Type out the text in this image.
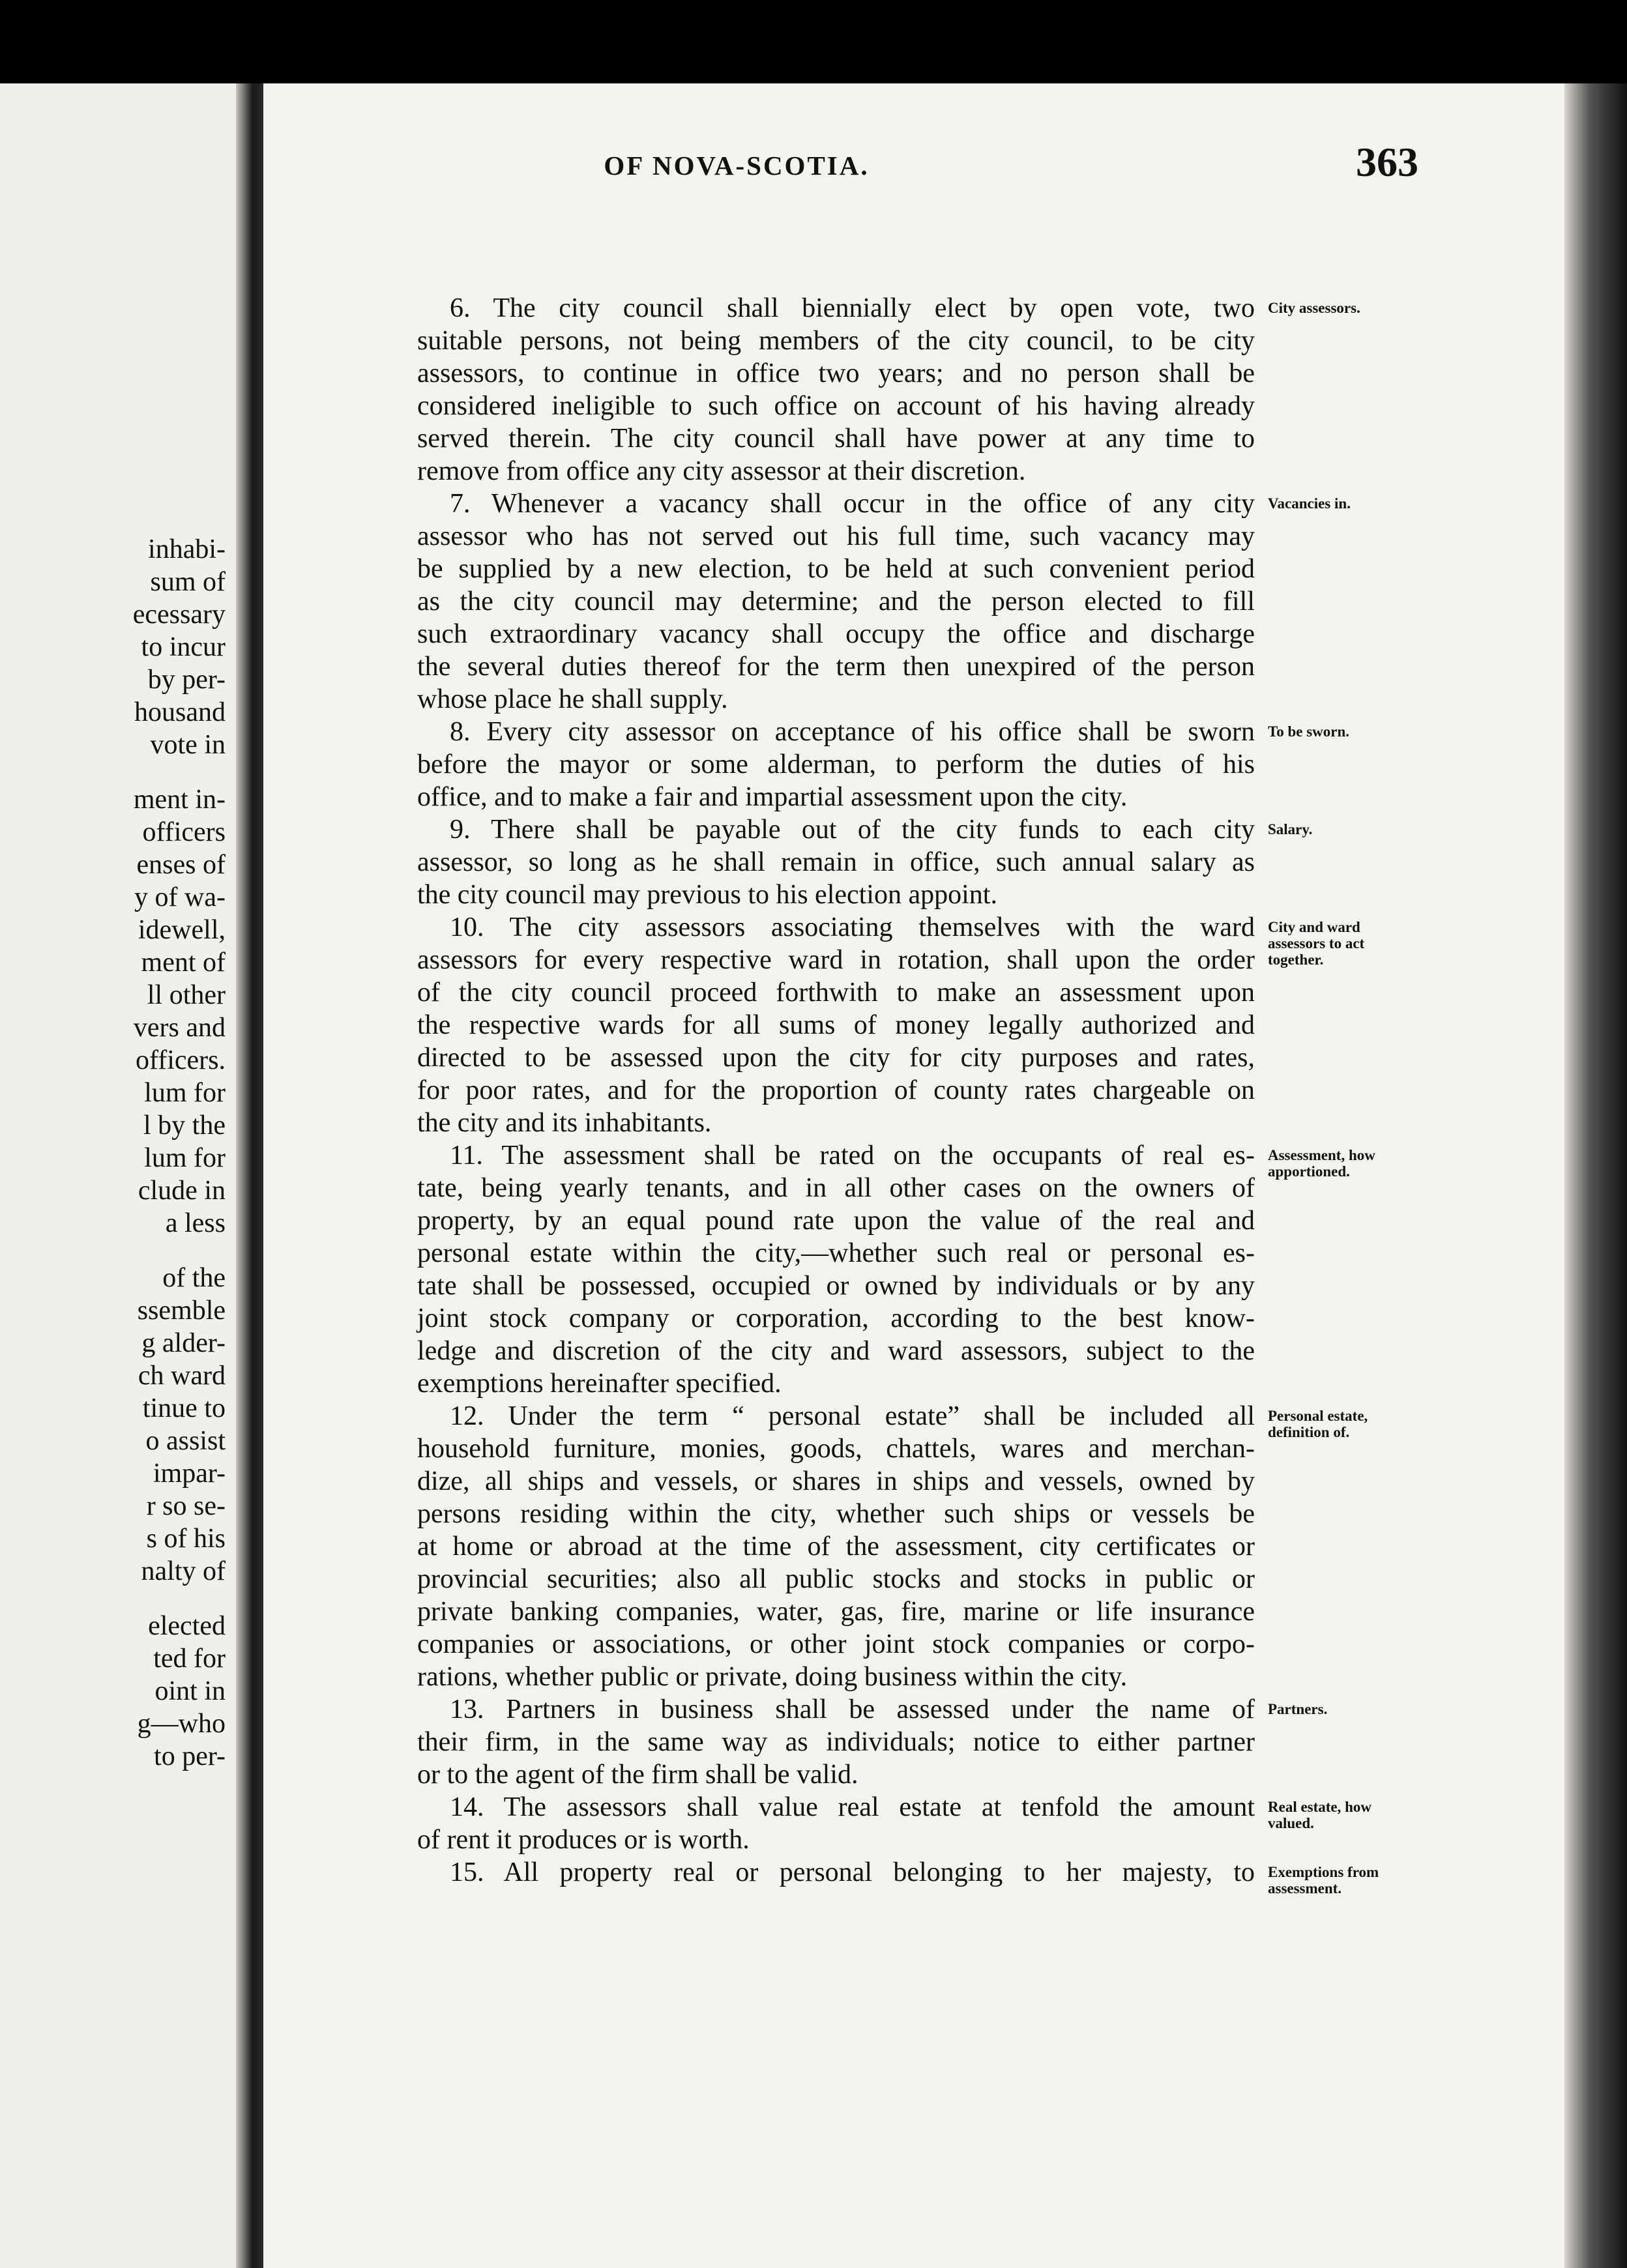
inhabi-
sum of
ecessary
to incur
by per-
housand
vote in
ment in-
officers
enses of
y of wa-
idewell,
ment of
ll other
vers and
officers.
lum for
l by the
lum for
clude in
a less
of the
ssemble
g alder-
ch ward
tinue to
o assist
impar-
r so se-
s of his
nalty of
elected
ted for
oint in
g—who
to per-
OF NOVA-SCOTIA.	363
6. The city council shall biennially elect by open vote, two
suitable persons, not being members of the city council, to be city
assessors, to continue in office two years; and no person shall be
considered ineligible to such office on account of his having already
served therein. The city council shall have power at any time to
remove from office any city assessor at their discretion.
7. Whenever a vacancy shall occur in the office of any city
assessor who has not served out his full time, such vacancy may
be supplied by a new election, to be held at such convenient period
as the city council may determine; and the person elected to fill
such extraordinary vacancy shall occupy the office and discharge
the several duties thereof for the term then unexpired of the person
whose place he shall supply.
8. Every city assessor on acceptance of his office shall be sworn
before the mayor or some alderman, to perform the duties of his
office, and to make a fair and impartial assessment upon the city.
9. There shall be payable out of the city funds to each city
assessor, so long as he shall remain in office, such annual salary as
the city council may previous to his election appoint.
10. The city assessors associating themselves with the ward
assessors for every respective ward in rotation, shall upon the order
of the city council proceed forthwith to make an assessment upon
the respective wards for all sums of money legally authorized and
directed to be assessed upon the city for city purposes and rates,
for poor rates, and for the proportion of county rates chargeable on
the city and its inhabitants.
11. The assessment shall be rated on the occupants of real es-
tate, being yearly tenants, and in all other cases on the owners of
property, by an equal pound rate upon the value of the real and
personal estate within the city,—whether such real or personal es-
tate shall be possessed, occupied or owned by individuals or by any
joint stock company or corporation, according to the best know-
ledge and discretion of the city and ward assessors, subject to the
exemptions hereinafter specified.
12. Under the term “ personal estate” shall be included all
household furniture, monies, goods, chattels, wares and merchan-
dize, all ships and vessels, or shares in ships and vessels, owned by
persons residing within the city, whether such ships or vessels be
at home or abroad at the time of the assessment, city certificates or
provincial securities; also all public stocks and stocks in public or
private banking companies, water, gas, fire, marine or life insurance
companies or associations, or other joint stock companies or corpo-
rations, whether public or private, doing business within the city.
13. Partners in business shall be assessed under the name of
their firm, in the same way as individuals; notice to either partner
or to the agent of the firm shall be valid.
14. The assessors shall value real estate at tenfold the amount
of rent it produces or is worth.
15. All property real or personal belonging to her majesty, to
City assessors.
Vacancies in.
To be sworn.
Salary.
City and ward
assessors to act
together.
Assessment, how
apportioned.
Personal estate,
definition of.
Partners.
Real estate, how
valued.
Exemptions from
assessment.
